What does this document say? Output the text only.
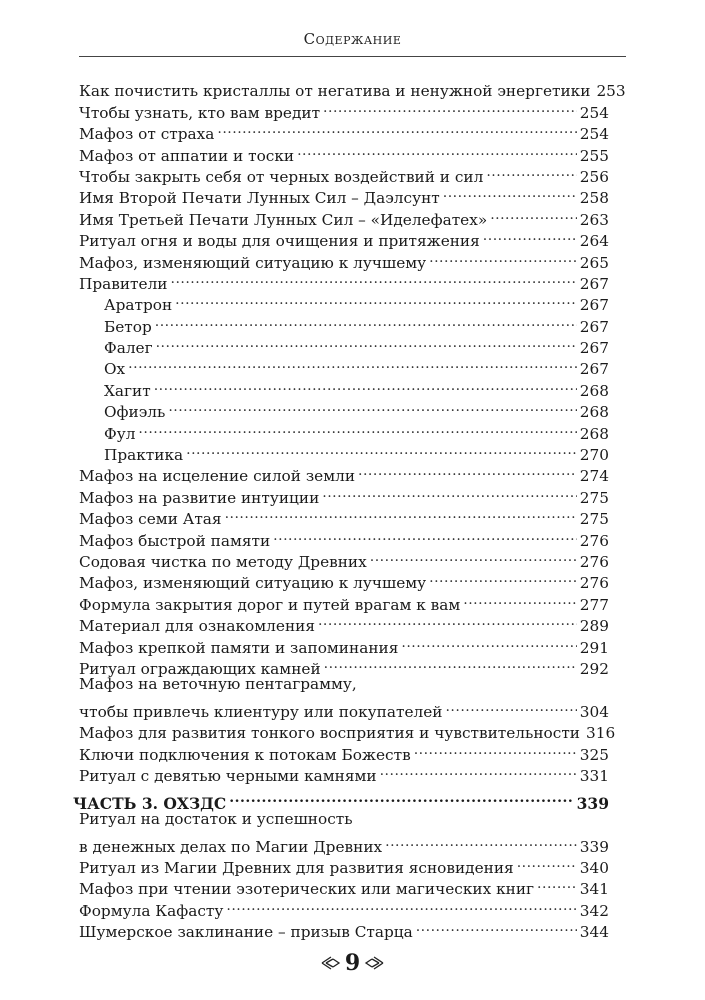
Содержание
Как почистить кристаллы от негатива и ненужной энергетики 253
Чтобы узнать, кто вам вредит .....	254
Мафоз от страха .....	254
Мафоз от аппатии и тоски .....	255
Чтобы закрыть себя от черных воздействий и сил .....	256
Имя Второй Печати Лунных Сил – Даэлсунт .....	258
Имя Третьей Печати Лунных Сил – «Иделефатех» .....	263
Ритуал огня и воды для очищения и притяжения .....	264
Мафоз, изменяющий ситуацию к лучшему .....	265
Правители .....	267
Аратрон .....	267
Бетор .....	267
Фалег .....	267
Ох .....	267
Хагит .....	268
Офиэль .....	268
Фул .....	268
Практика .....	270
Мафоз на исцеление силой земли .....	274
Мафоз на развитие интуиции .....	275
Мафоз семи Атая .....	275
Мафоз быстрой памяти .....	276
Содовая чистка по методу Древних .....	276
Мафоз, изменяющий ситуацию к лучшему .....	276
Формула закрытия дорог и путей врагам к вам .....	277
Материал для ознакомления .....	289
Мафоз крепкой памяти и запоминания .....	291
Ритуал ограждающих камней .....	292
Мафоз на веточную пентаграмму,
чтобы привлечь клиентуру или покупателей .....	304
Мафоз для развития тонкого восприятия и чувствительности 316
Ключи подключения к потокам Божеств .....	325
Ритуал с девятью черными камнями .....	331
ЧАСТЬ 3. ОХЗДС .....	339
Ритуал на достаток и успешность
в денежных делах по Магии Древних .....	339
Ритуал из Магии Древних для развития ясновидения .....	340
Мафоз при чтении эзотерических или магических книг .....	341
Формула Кафасту .....	342
Шумерское заклинание – призыв Старца .....	344
9
